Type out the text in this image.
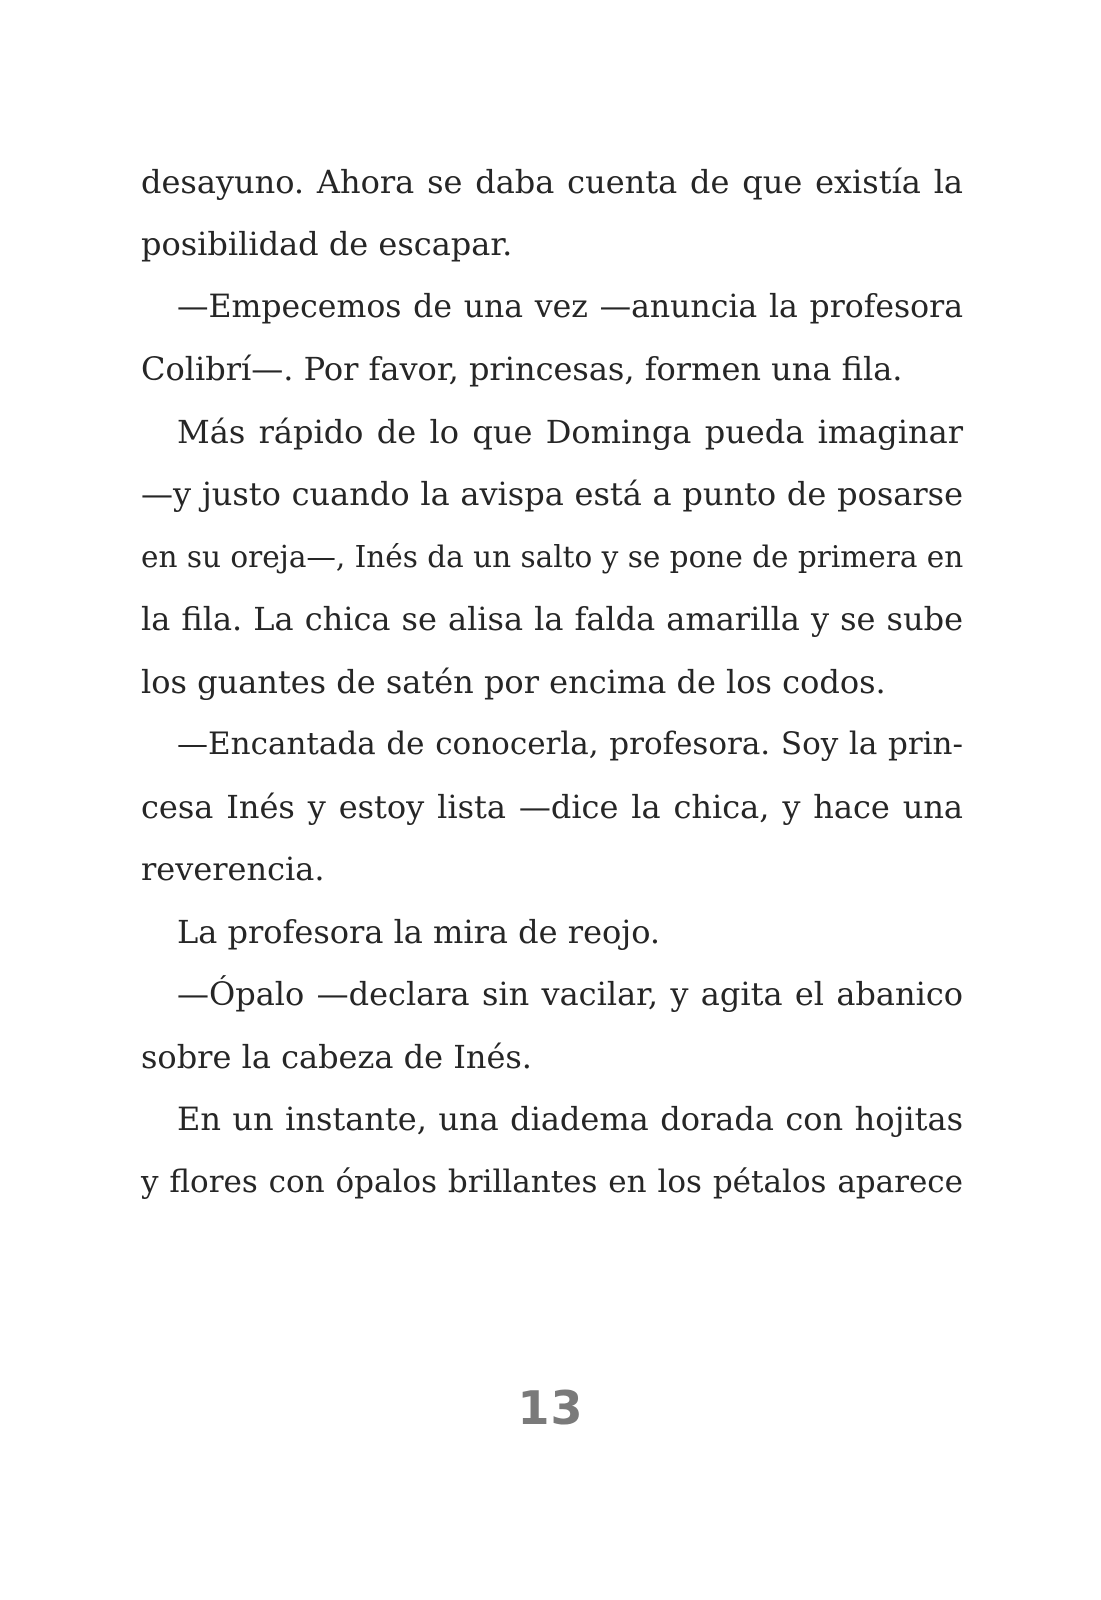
desayuno. Ahora se daba cuenta de que existía la
posibilidad de escapar.
—Empecemos de una vez —anuncia la profesora
Colibrí—. Por favor, princesas, formen una fila.
Más rápido de lo que Dominga pueda imaginar
—y justo cuando la avispa está a punto de posarse
en su oreja—, Inés da un salto y se pone de primera en
la fila. La chica se alisa la falda amarilla y se sube
los guantes de satén por encima de los codos.
—Encantada de conocerla, profesora. Soy la prin-
cesa Inés y estoy lista —dice la chica, y hace una
reverencia.
La profesora la mira de reojo.
—Ópalo —declara sin vacilar, y agita el abanico
sobre la cabeza de Inés.
En un instante, una diadema dorada con hojitas
y flores con ópalos brillantes en los pétalos aparece
13
